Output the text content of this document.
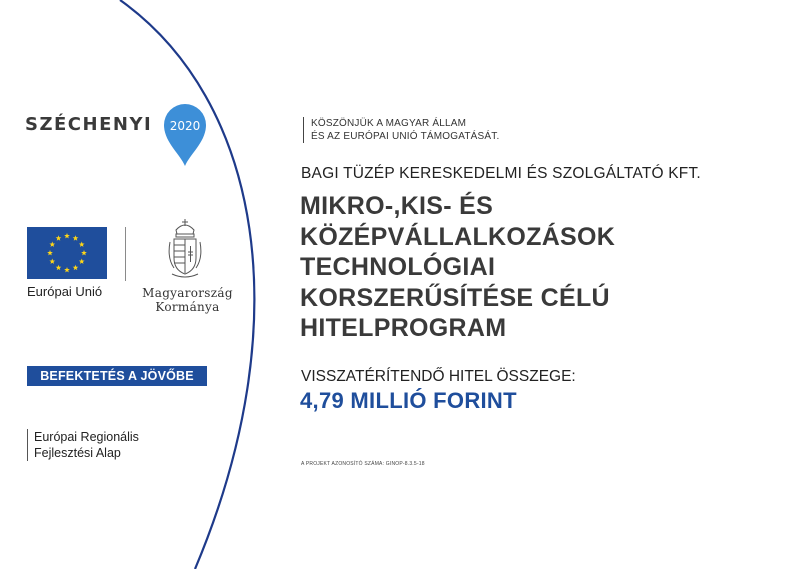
SZÉCHENYI 2020
Európai Unió	Magyarország
Kormánya
BEFEKTETÉS A JÖVŐBE
Európai Regionális
Fejlesztési Alap
KÖSZÖNJÜK A MAGYAR ÁLLAM
ÉS AZ EURÓPAI UNIÓ TÁMOGATÁSÁT.
BAGI TÜZÉP KERESKEDELMI ÉS SZOLGÁLTATÓ KFT.
MIKRO-,KIS- ÉS
KÖZÉPVÁLLALKOZÁSOK
TECHNOLÓGIAI
KORSZERŰSÍTÉSE CÉLÚ
HITELPROGRAM
VISSZATÉRÍTENDŐ HITEL ÖSSZEGE:
4,79 MILLIÓ FORINT
A PROJEKT AZONOSÍTÓ SZÁMA: GINOP-8.3.5-18
